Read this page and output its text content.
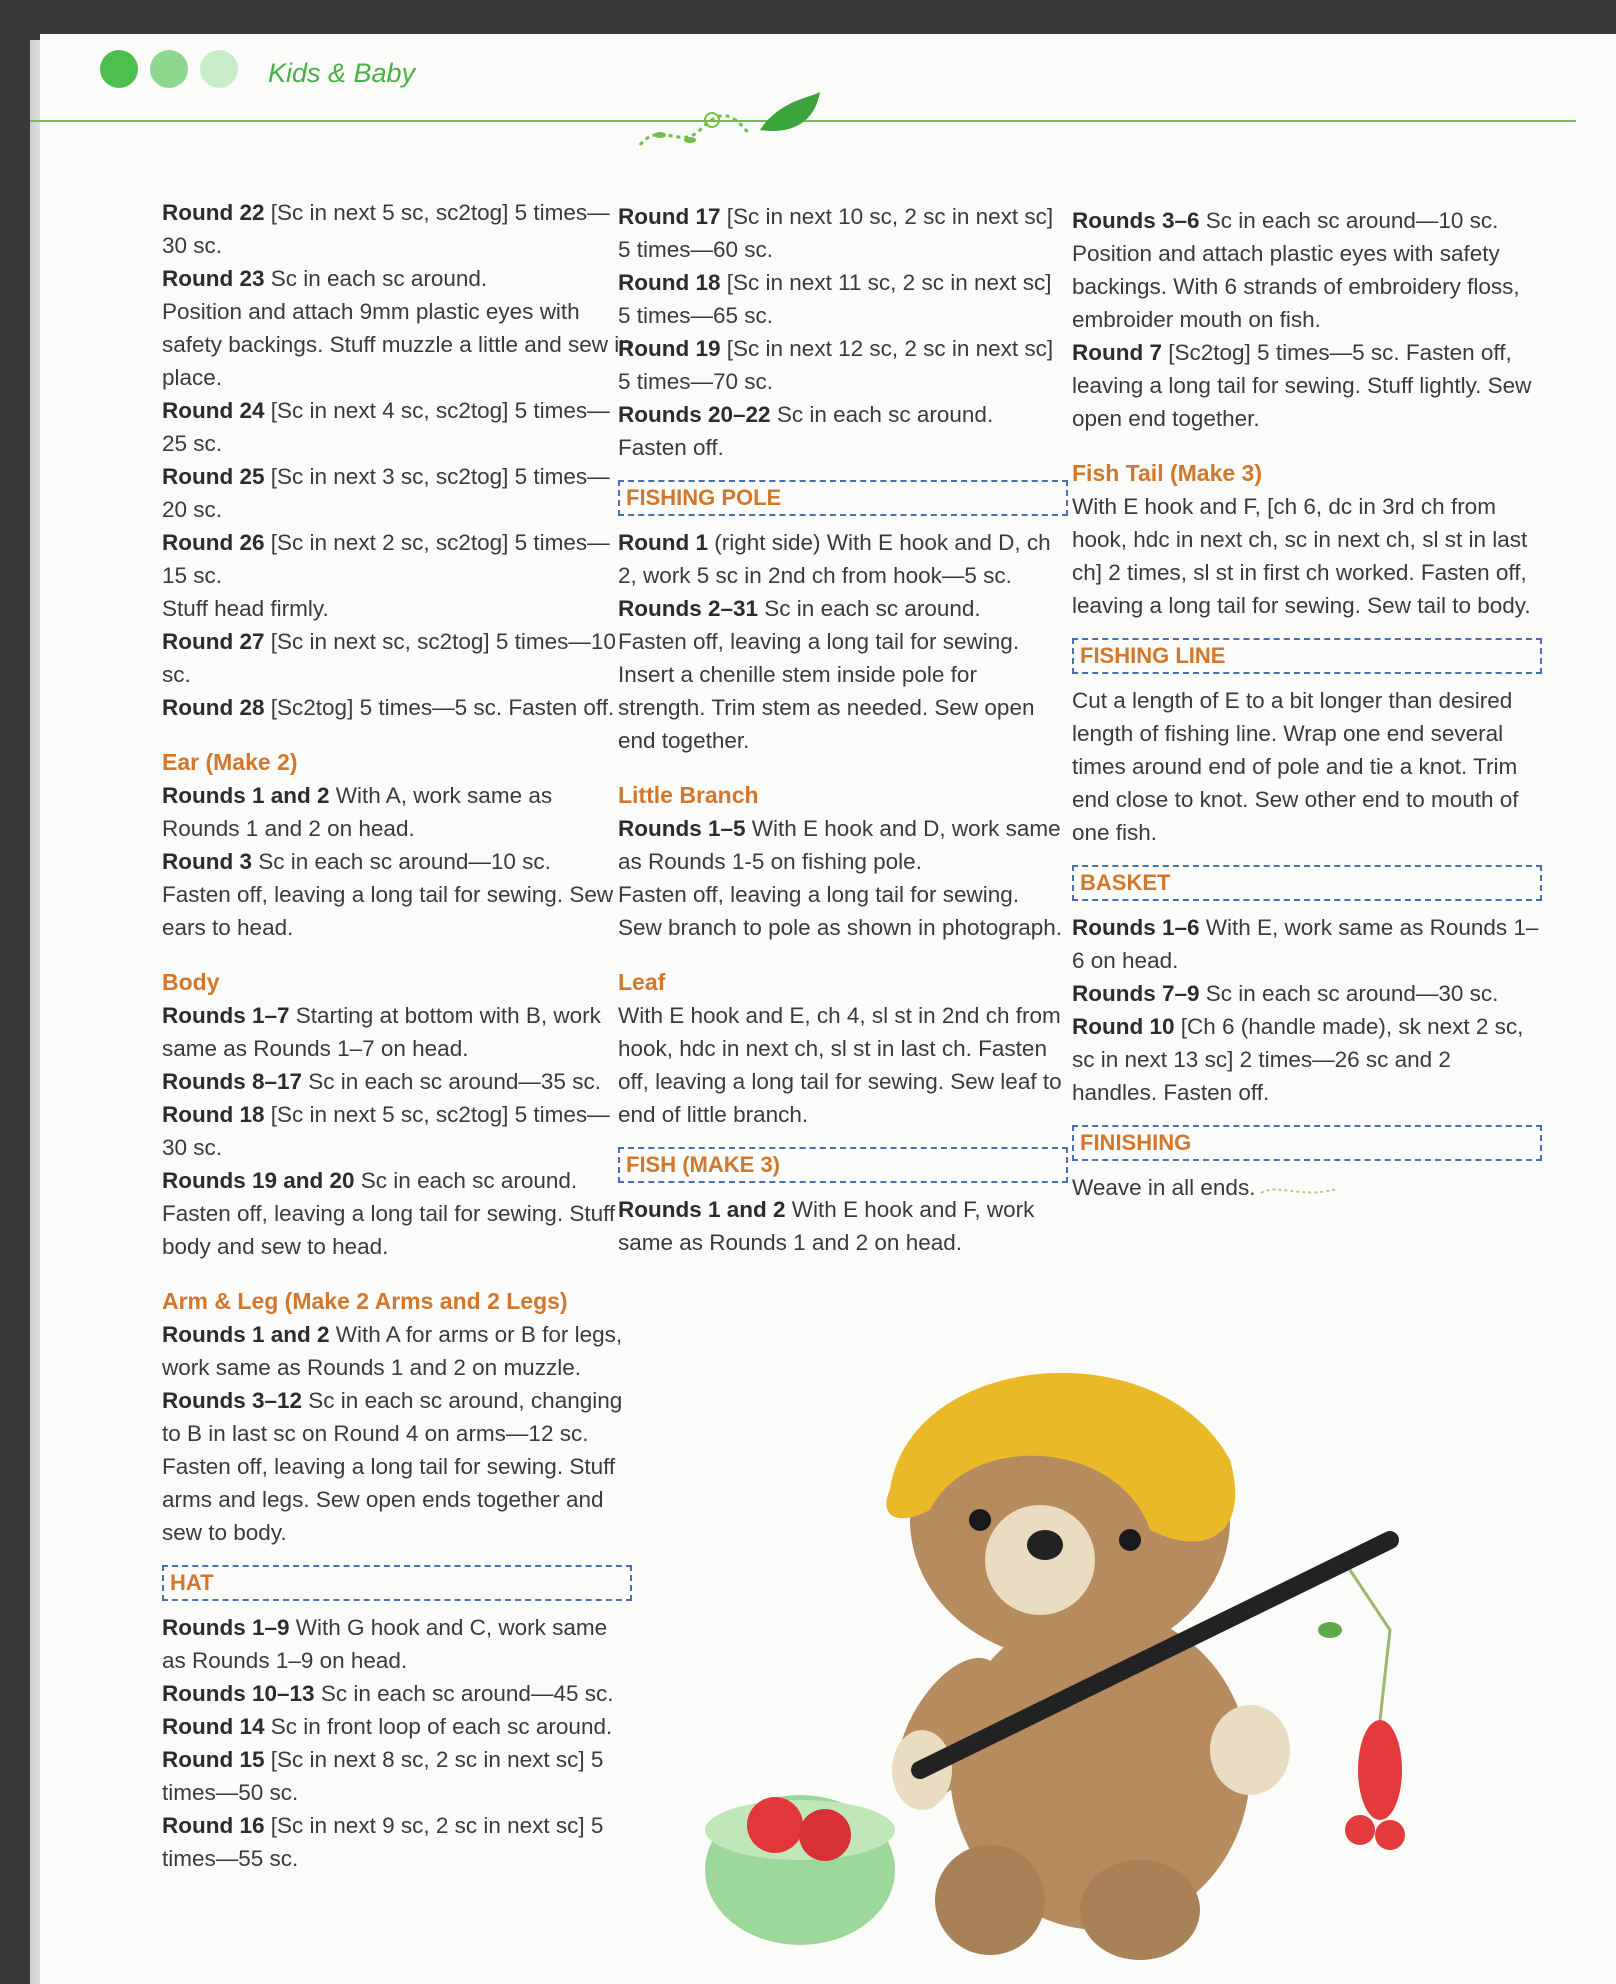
Kids & Baby

Round 22 [Sc in next 5 sc, sc2tog] 5 times—30 sc.

Round 23 Sc in each sc around.

Position and attach 9mm plastic eyes with safety backings. Stuff muzzle a little and sew in place.

Round 24 [Sc in next 4 sc, sc2tog] 5 times—25 sc.

Round 25 [Sc in next 3 sc, sc2tog] 5 times—20 sc.

Round 26 [Sc in next 2 sc, sc2tog] 5 times—15 sc.

Stuff head firmly.

Round 27 [Sc in next sc, sc2tog] 5 times—10 sc.

Round 28 [Sc2tog] 5 times—5 sc. Fasten off.

Ear (Make 2)

Rounds 1 and 2 With A, work same as Rounds 1 and 2 on head.

Round 3 Sc in each sc around—10 sc.

Fasten off, leaving a long tail for sewing. Sew ears to head.

Body

Rounds 1–7 Starting at bottom with B, work same as Rounds 1–7 on head.

Rounds 8–17 Sc in each sc around—35 sc.

Round 18 [Sc in next 5 sc, sc2tog] 5 times—30 sc.

Rounds 19 and 20 Sc in each sc around.

Fasten off, leaving a long tail for sewing. Stuff body and sew to head.

Arm & Leg (Make 2 Arms and 2 Legs)

Rounds 1 and 2 With A for arms or B for legs, work same as Rounds 1 and 2 on muzzle.

Rounds 3–12 Sc in each sc around, changing to B in last sc on Round 4 on arms—12 sc.

Fasten off, leaving a long tail for sewing. Stuff arms and legs. Sew open ends together and sew to body.

HAT

Rounds 1–9 With G hook and C, work same as Rounds 1–9 on head.

Rounds 10–13 Sc in each sc around—45 sc.

Round 14 Sc in front loop of each sc around.

Round 15 [Sc in next 8 sc, 2 sc in next sc] 5 times—50 sc.

Round 16 [Sc in next 9 sc, 2 sc in next sc] 5 times—55 sc.

Round 17 [Sc in next 10 sc, 2 sc in next sc] 5 times—60 sc.

Round 18 [Sc in next 11 sc, 2 sc in next sc] 5 times—65 sc.

Round 19 [Sc in next 12 sc, 2 sc in next sc] 5 times—70 sc.

Rounds 20–22 Sc in each sc around.

Fasten off.

FISHING POLE

Round 1 (right side) With E hook and D, ch 2, work 5 sc in 2nd ch from hook—5 sc.

Rounds 2–31 Sc in each sc around.

Fasten off, leaving a long tail for sewing. Insert a chenille stem inside pole for strength. Trim stem as needed. Sew open end together.

Little Branch

Rounds 1–5 With E hook and D, work same as Rounds 1-5 on fishing pole.

Fasten off, leaving a long tail for sewing. Sew branch to pole as shown in photograph.

Leaf

With E hook and E, ch 4, sl st in 2nd ch from hook, hdc in next ch, sl st in last ch. Fasten off, leaving a long tail for sewing. Sew leaf to end of little branch.

FISH (MAKE 3)

Rounds 1 and 2 With E hook and F, work same as Rounds 1 and 2 on head.

Rounds 3–6 Sc in each sc around—10 sc.

Position and attach plastic eyes with safety backings. With 6 strands of embroidery floss, embroider mouth on fish.

Round 7 [Sc2tog] 5 times—5 sc. Fasten off, leaving a long tail for sewing. Stuff lightly. Sew open end together.

Fish Tail (Make 3)

With E hook and F, [ch 6, dc in 3rd ch from hook, hdc in next ch, sc in next ch, sl st in last ch] 2 times, sl st in first ch worked. Fasten off, leaving a long tail for sewing. Sew tail to body.

FISHING LINE

Cut a length of E to a bit longer than desired length of fishing line. Wrap one end several times around end of pole and tie a knot. Trim end close to knot. Sew other end to mouth of one fish.

BASKET

Rounds 1–6 With E, work same as Rounds 1–6 on head.

Rounds 7–9 Sc in each sc around—30 sc.

Round 10 [Ch 6 (handle made), sk next 2 sc, sc in next 13 sc] 2 times—26 sc and 2 handles. Fasten off.

FINISHING

Weave in all ends.
